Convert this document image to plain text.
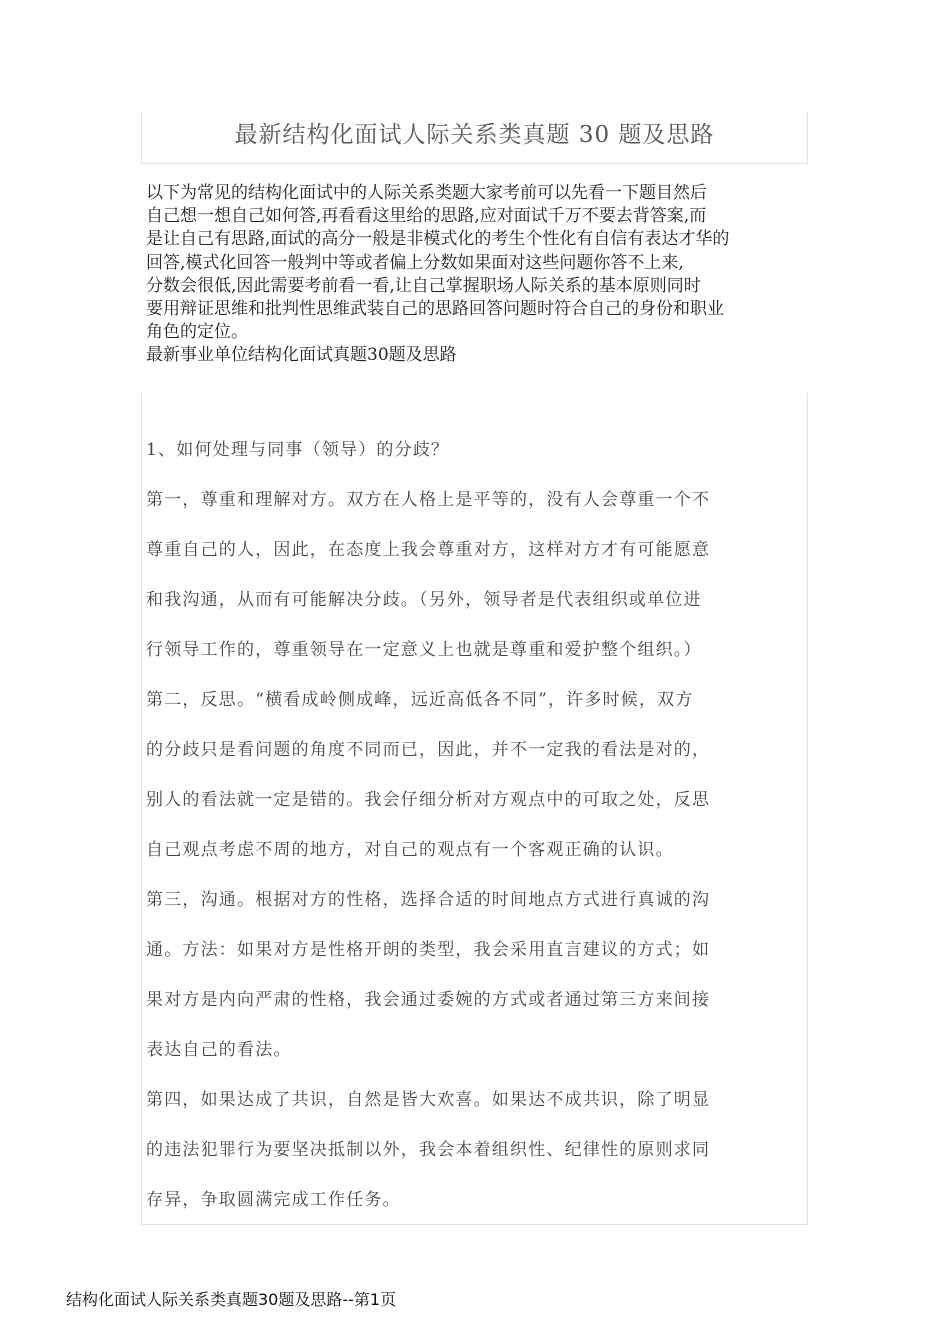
最新结构化面试人际关系类真题 30 题及思路

以下为常见的结构化面试中的人际关系类题大家考前可以先看一下题目然后

自己想一想自己如何答,再看看这里给的思路,应对面试千万不要去背答案,而

是让自己有思路,面试的高分一般是非模式化的考生个性化有自信有表达才华的

回答,模式化回答一般判中等或者偏上分数如果面对这些问题你答不上来,

分数会很低,因此需要考前看一看,让自己掌握职场人际关系的基本原则同时

要用辩证思维和批判性思维武装自己的思路回答问题时符合自己的身份和职业

角色的定位。

最新事业单位结构化面试真题30题及思路

1、如何处理与同事（领导）的分歧？

第一，尊重和理解对方。双方在人格上是平等的，没有人会尊重一个不

尊重自己的人，因此，在态度上我会尊重对方，这样对方才有可能愿意

和我沟通，从而有可能解决分歧。（另外，领导者是代表组织或单位进

行领导工作的，尊重领导在一定意义上也就是尊重和爱护整个组织。）

第二，反思。“横看成岭侧成峰，远近高低各不同”，许多时候，双方

的分歧只是看问题的角度不同而已，因此，并不一定我的看法是对的，

别人的看法就一定是错的。我会仔细分析对方观点中的可取之处，反思

自己观点考虑不周的地方，对自己的观点有一个客观正确的认识。

第三，沟通。根据对方的性格，选择合适的时间地点方式进行真诚的沟

通。方法：如果对方是性格开朗的类型，我会采用直言建议的方式；如

果对方是内向严肃的性格，我会通过委婉的方式或者通过第三方来间接

表达自己的看法。

第四，如果达成了共识，自然是皆大欢喜。如果达不成共识，除了明显

的违法犯罪行为要坚决抵制以外，我会本着组织性、纪律性的原则求同

存异，争取圆满完成工作任务。

结构化面试人际关系类真题30题及思路--第1页
